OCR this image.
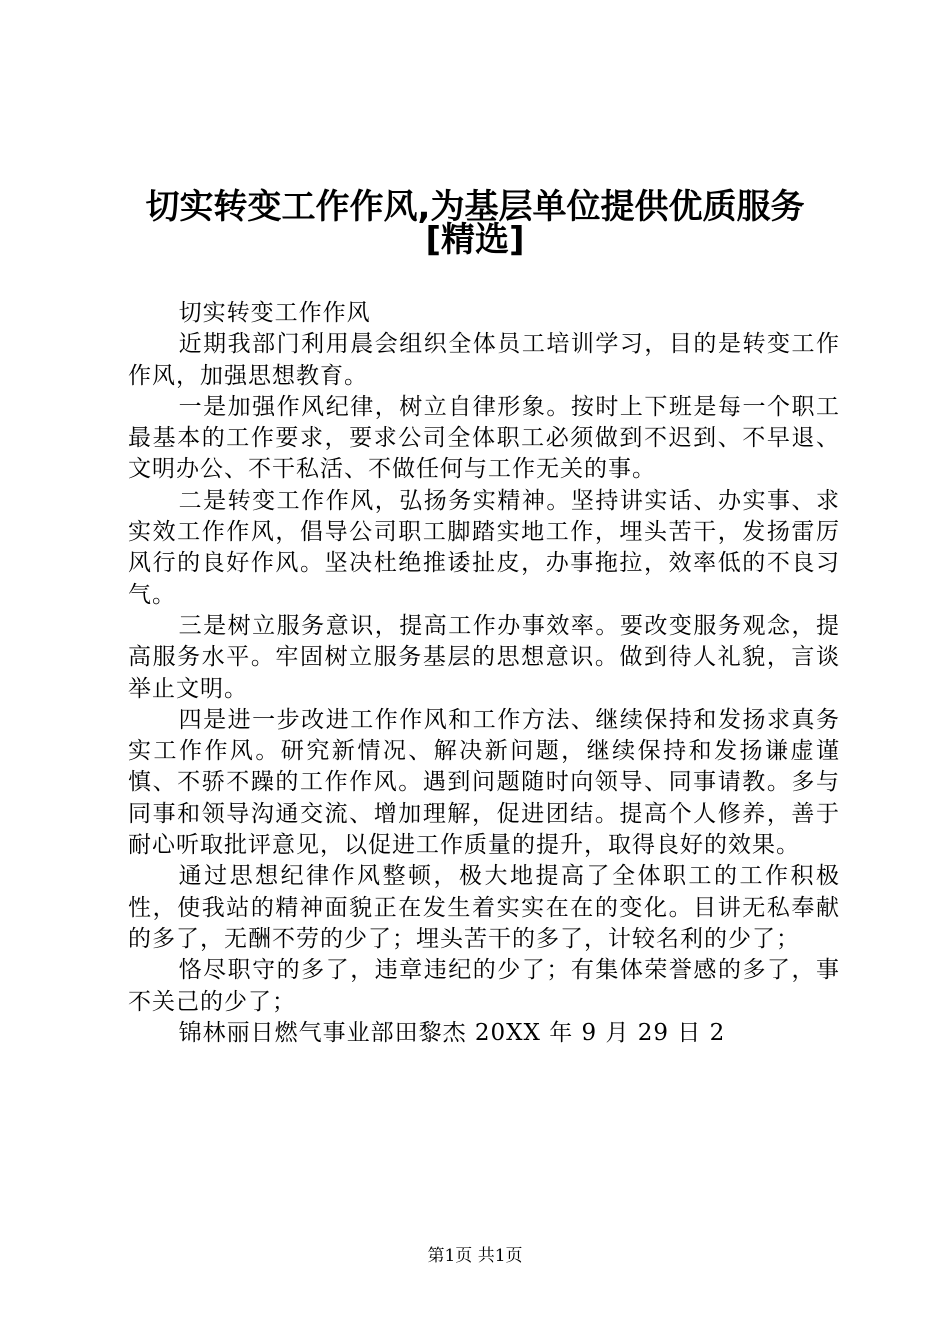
切实转变工作作风,为基层单位提供优质服务
[精选]

切实转变工作作风

近期我部门利用晨会组织全体员工培训学习，目的是转变工作作风，加强思想教育。

一是加强作风纪律，树立自律形象。按时上下班是每一个职工最基本的工作要求，要求公司全体职工必须做到不迟到、不早退、文明办公、不干私活、不做任何与工作无关的事。

二是转变工作作风，弘扬务实精神。坚持讲实话、办实事、求实效工作作风，倡导公司职工脚踏实地工作，埋头苦干，发扬雷厉风行的良好作风。坚决杜绝推诿扯皮，办事拖拉，效率低的不良习气。

三是树立服务意识，提高工作办事效率。要改变服务观念，提高服务水平。牢固树立服务基层的思想意识。做到待人礼貌，言谈举止文明。

四是进一步改进工作作风和工作方法、继续保持和发扬求真务实工作作风。研究新情况、解决新问题，继续保持和发扬谦虚谨慎、不骄不躁的工作作风。遇到问题随时向领导、同事请教。多与同事和领导沟通交流、增加理解，促进团结。提高个人修养，善于耐心听取批评意见，以促进工作质量的提升，取得良好的效果。

通过思想纪律作风整顿，极大地提高了全体职工的工作积极性，使我站的精神面貌正在发生着实实在在的变化。目讲无私奉献的多了，无酬不劳的少了；埋头苦干的多了，计较名利的少了；

恪尽职守的多了，违章违纪的少了；有集体荣誉感的多了，事不关己的少了；

锦林丽日燃气事业部田黎杰 20XX 年 9 月 29 日 2

第1页 共1页
